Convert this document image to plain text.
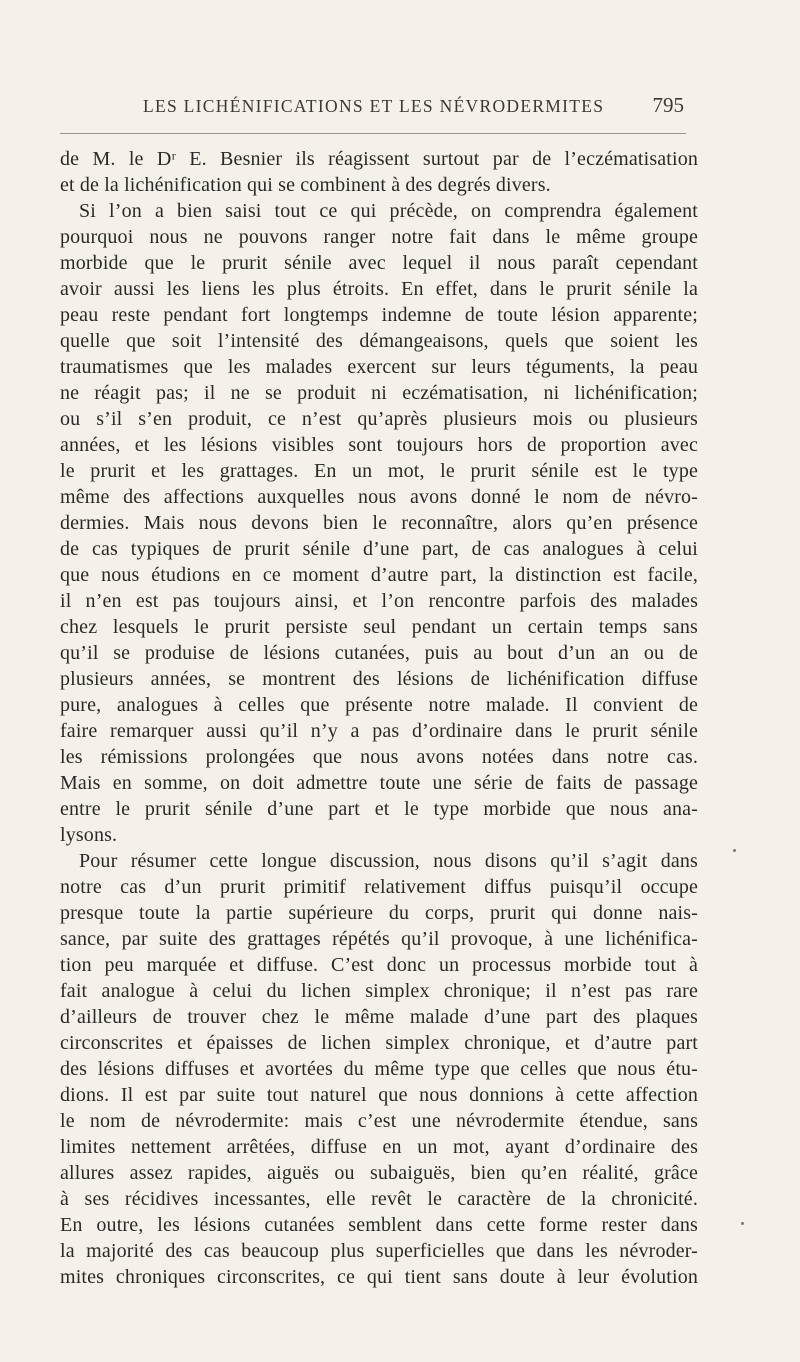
LES LICHÉNIFICATIONS ET LES NÉVRODERMITES 795
de M. le Dʳ E. Besnier ils réagissent surtout par de l’eczématisation
et de la lichénification qui se combinent à des degrés divers.
Si l’on a bien saisi tout ce qui précède, on comprendra également
pourquoi nous ne pouvons ranger notre fait dans le même groupe
morbide que le prurit sénile avec lequel il nous paraît cependant
avoir aussi les liens les plus étroits. En effet, dans le prurit sénile la
peau reste pendant fort longtemps indemne de toute lésion apparente;
quelle que soit l’intensité des démangeaisons, quels que soient les
traumatismes que les malades exercent sur leurs téguments, la peau
ne réagit pas; il ne se produit ni eczématisation, ni lichénification;
ou s’il s’en produit, ce n’est qu’après plusieurs mois ou plusieurs
années, et les lésions visibles sont toujours hors de proportion avec
le prurit et les grattages. En un mot, le prurit sénile est le type
même des affections auxquelles nous avons donné le nom de névro-
dermies. Mais nous devons bien le reconnaître, alors qu’en présence
de cas typiques de prurit sénile d’une part, de cas analogues à celui
que nous étudions en ce moment d’autre part, la distinction est facile,
il n’en est pas toujours ainsi, et l’on rencontre parfois des malades
chez lesquels le prurit persiste seul pendant un certain temps sans
qu’il se produise de lésions cutanées, puis au bout d’un an ou de
plusieurs années, se montrent des lésions de lichénification diffuse
pure, analogues à celles que présente notre malade. Il convient de
faire remarquer aussi qu’il n’y a pas d’ordinaire dans le prurit sénile
les rémissions prolongées que nous avons notées dans notre cas.
Mais en somme, on doit admettre toute une série de faits de passage
entre le prurit sénile d’une part et le type morbide que nous ana-
lysons.
Pour résumer cette longue discussion, nous disons qu’il s’agit dans
notre cas d’un prurit primitif relativement diffus puisqu’il occupe
presque toute la partie supérieure du corps, prurit qui donne nais-
sance, par suite des grattages répétés qu’il provoque, à une lichénifica-
tion peu marquée et diffuse. C’est donc un processus morbide tout à
fait analogue à celui du lichen simplex chronique; il n’est pas rare
d’ailleurs de trouver chez le même malade d’une part des plaques
circonscrites et épaisses de lichen simplex chronique, et d’autre part
des lésions diffuses et avortées du même type que celles que nous étu-
dions. Il est par suite tout naturel que nous donnions à cette affection
le nom de névrodermite: mais c’est une névrodermite étendue, sans
limites nettement arrêtées, diffuse en un mot, ayant d’ordinaire des
allures assez rapides, aiguës ou subaiguës, bien qu’en réalité, grâce
à ses récidives incessantes, elle revêt le caractère de la chronicité.
En outre, les lésions cutanées semblent dans cette forme rester dans
la majorité des cas beaucoup plus superficielles que dans les névroder-
mites chroniques circonscrites, ce qui tient sans doute à leur évolution
